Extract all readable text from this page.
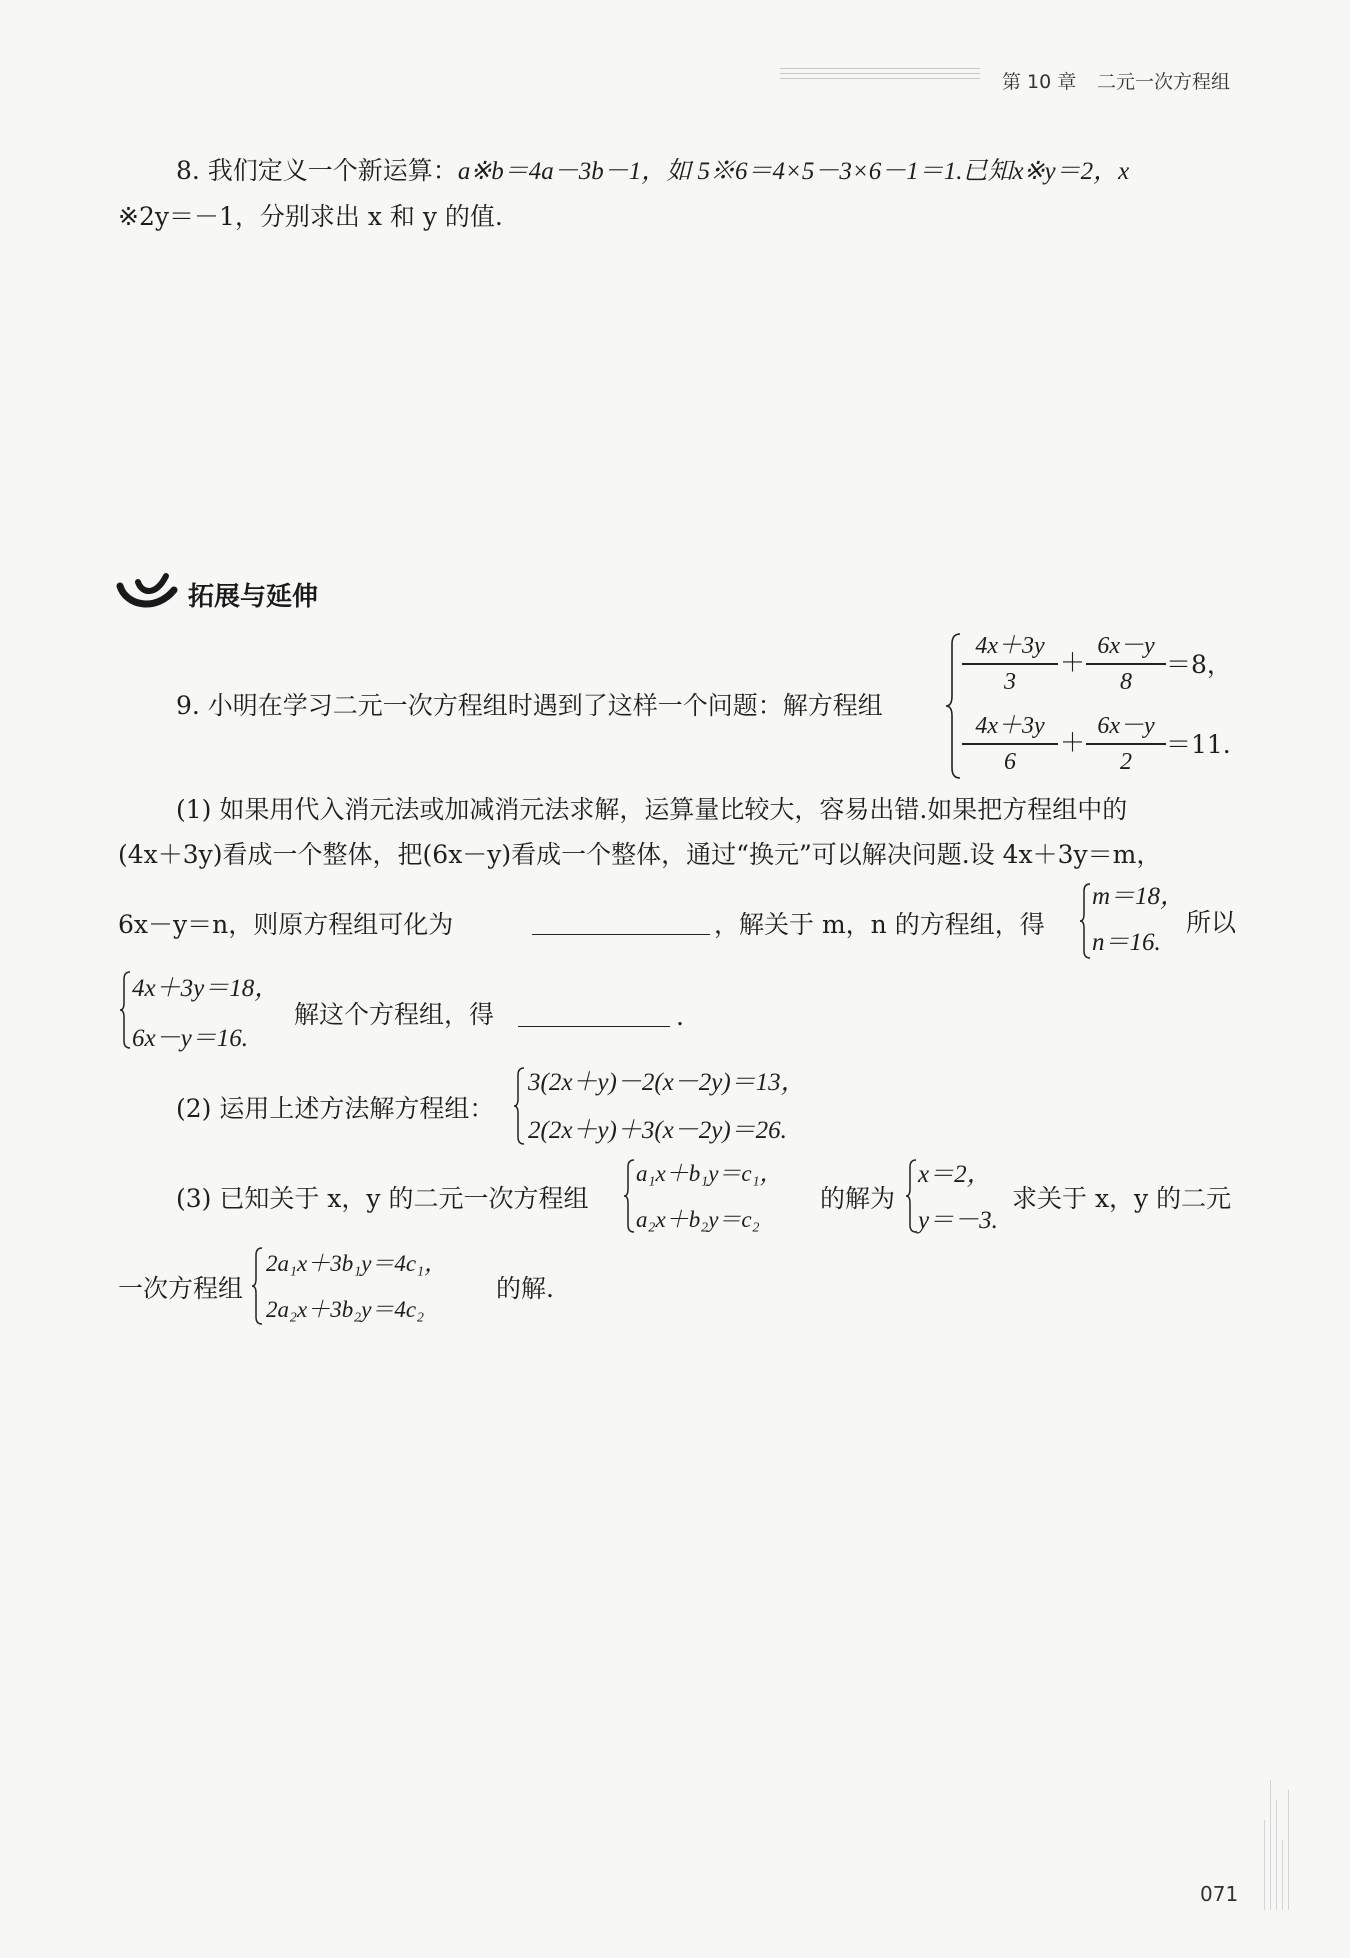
第 10 章 二元一次方程组
8. 我们定义一个新运算：a※b＝4a－3b－1，如 5※6＝4×5－3×6－1＝1.已知x※y＝2，x
※2y＝－1，分别求出 x 和 y 的值.
拓展与延伸
9. 小明在学习二元一次方程组时遇到了这样一个问题：解方程组
4x＋3y
3
＋
6x－y
8
＝8，
4x＋3y
6
＋
6x－y
2
＝11.
(1) 如果用代入消元法或加减消元法求解，运算量比较大，容易出错.如果把方程组中的
(4x＋3y)看成一个整体，把(6x－y)看成一个整体，通过“换元”可以解决问题.设 4x＋3y＝m，
6x－y＝n，则原方程组可化为	，解关于 m，n 的方程组，得
m＝18，
n＝16.
所以
4x＋3y＝18，
6x－y＝16.
解这个方程组，得	.
(2) 运用上述方法解方程组：
3(2x＋y)－2(x－2y)＝13，
2(2x＋y)＋3(x－2y)＝26.
(3) 已知关于 x，y 的二元一次方程组
a₁x＋b₁y＝c₁，
a₂x＋b₂y＝c₂
的解为
x＝2，
y＝－3.
求关于 x，y 的二元
一次方程组
2a₁x＋3b₁y＝4c₁，
2a₂x＋3b₂y＝4c₂
的解.
071
